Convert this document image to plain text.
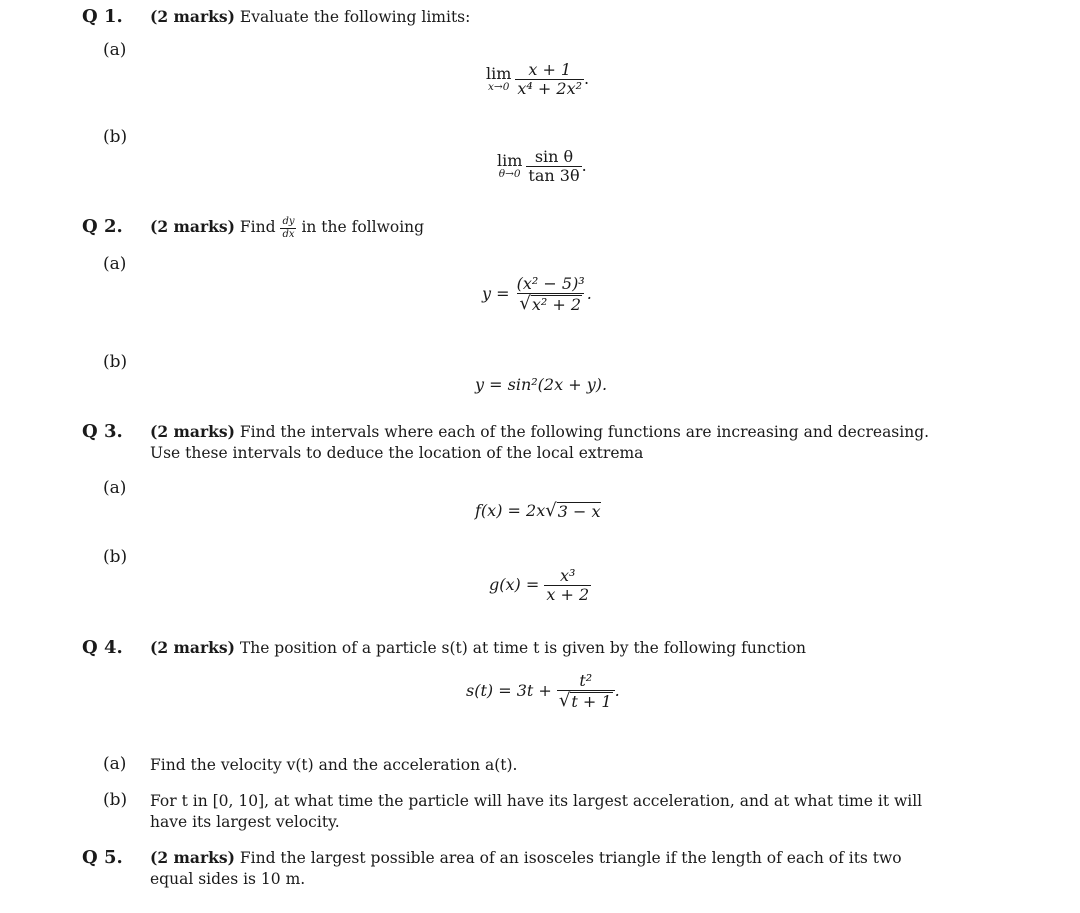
Q 1. (2 marks) Evaluate the following limits:
(a)
lim
$x\to 0 \frac{x + 1}{\text{x⁴ + 2x²}}$ .
(b)
lim
$\theta\to 0 \frac{\text{sin θ}}{\tan 3\theta}$ .
Q 2. (2 marks) Find $\frac{dy}{dx}$ in the follwoing
(a)
$y = \frac{\text{(x² − 5)³}}{\text{√ x² + 2}}$ .
(b)
y = sin²(2x + y).
Q 3. (2 marks) Find the intervals where each of the following functions are increasing and decreasing. Use these intervals to deduce the location of the local extrema
(a)
f(x) = 2x √ 3 − x
(b)
$g(x) = \frac{\text{x³}}{x + 2}$
Q 4. (2 marks) The position of a particle s(t) at time t is given by the following function
$s(t) = 3t + \frac{\text{t²}}{√ t + 1}$ .
(a) Find the velocity v(t) and the acceleration a(t).
(b) For t in [0, 10], at what time the particle will have its largest acceleration, and at what time it will have its largest velocity.
Q 5. (2 marks) Find the largest possible area of an isosceles triangle if the length of each of its two equal sides is 10 m.
